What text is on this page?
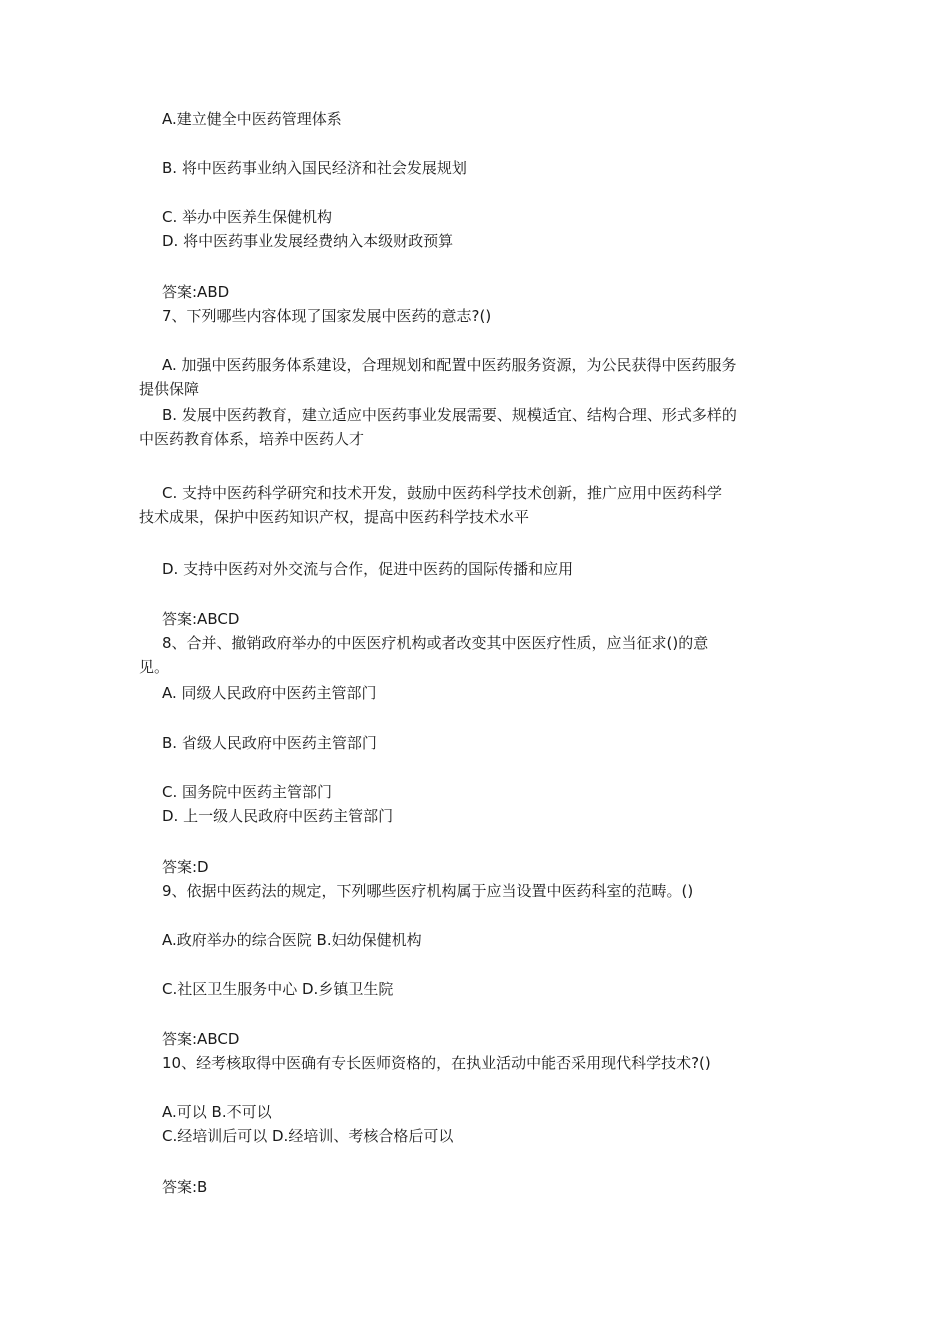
A.建立健全中医药管理体系
B. 将中医药事业纳入国民经济和社会发展规划
C. 举办中医养生保健机构
D. 将中医药事业发展经费纳入本级财政预算
答案:ABD
7、下列哪些内容体现了国家发展中医药的意志?()
A. 加强中医药服务体系建设，合理规划和配置中医药服务资源，为公民获得中医药服务
提供保障
B. 发展中医药教育，建立适应中医药事业发展需要、规模适宜、结构合理、形式多样的
中医药教育体系，培养中医药人才
C. 支持中医药科学研究和技术开发，鼓励中医药科学技术创新，推广应用中医药科学
技术成果，保护中医药知识产权，提高中医药科学技术水平
D. 支持中医药对外交流与合作，促进中医药的国际传播和应用
答案:ABCD
8、合并、撤销政府举办的中医医疗机构或者改变其中医医疗性质，应当征求()的意
见。
A. 同级人民政府中医药主管部门
B. 省级人民政府中医药主管部门
C. 国务院中医药主管部门
D. 上一级人民政府中医药主管部门
答案:D
9、依据中医药法的规定，下列哪些医疗机构属于应当设置中医药科室的范畴。()
A.政府举办的综合医院 B.妇幼保健机构
C.社区卫生服务中心 D.乡镇卫生院
答案:ABCD
10、经考核取得中医确有专长医师资格的，在执业活动中能否采用现代科学技术?()
A.可以 B.不可以
C.经培训后可以 D.经培训、考核合格后可以
答案:B
